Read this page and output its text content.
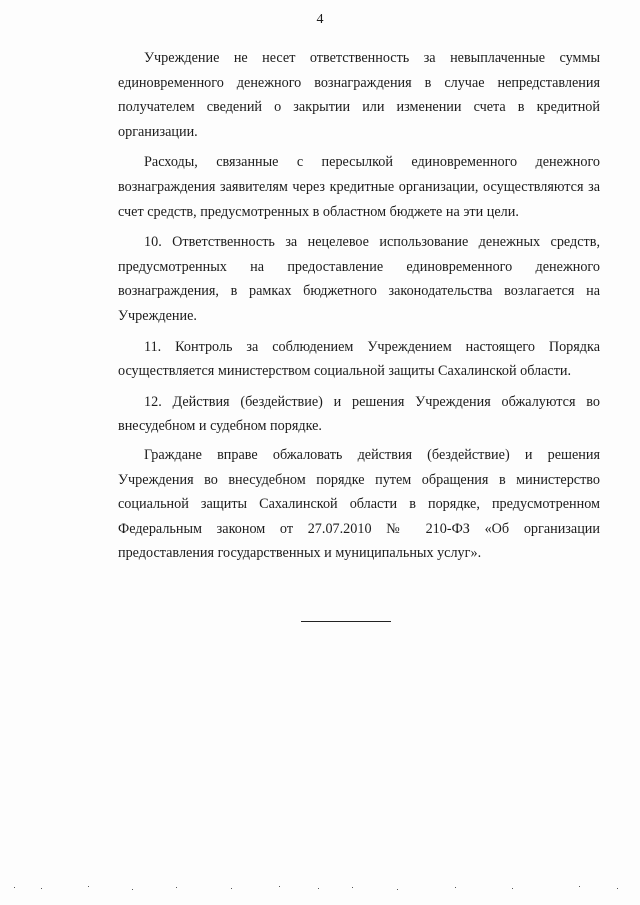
4

Учреждение не несет ответственность за невыплаченные суммы единовременного денежного вознаграждения в случае непредставления получателем сведений о закрытии или изменении счета в кредитной организации.

Расходы, связанные с пересылкой единовременного денежного вознаграждения заявителям через кредитные организации, осуществляются за счет средств, предусмотренных в областном бюджете на эти цели.

10. Ответственность за нецелевое использование денежных средств, предусмотренных на предоставление единовременного денежного вознаграждения, в рамках бюджетного законодательства возлагается на Учреждение.

11. Контроль за соблюдением Учреждением настоящего Порядка осуществляется министерством социальной защиты Сахалинской области.

12. Действия (бездействие) и решения Учреждения обжалуются во внесудебном и судебном порядке.

Граждане вправе обжаловать действия (бездействие) и решения Учреждения во внесудебном порядке путем обращения в министерство социальной защиты Сахалинской области в порядке, предусмотренном Федеральным законом от 27.07.2010 № 210-ФЗ «Об организации предоставления государственных и муниципальных услуг».
